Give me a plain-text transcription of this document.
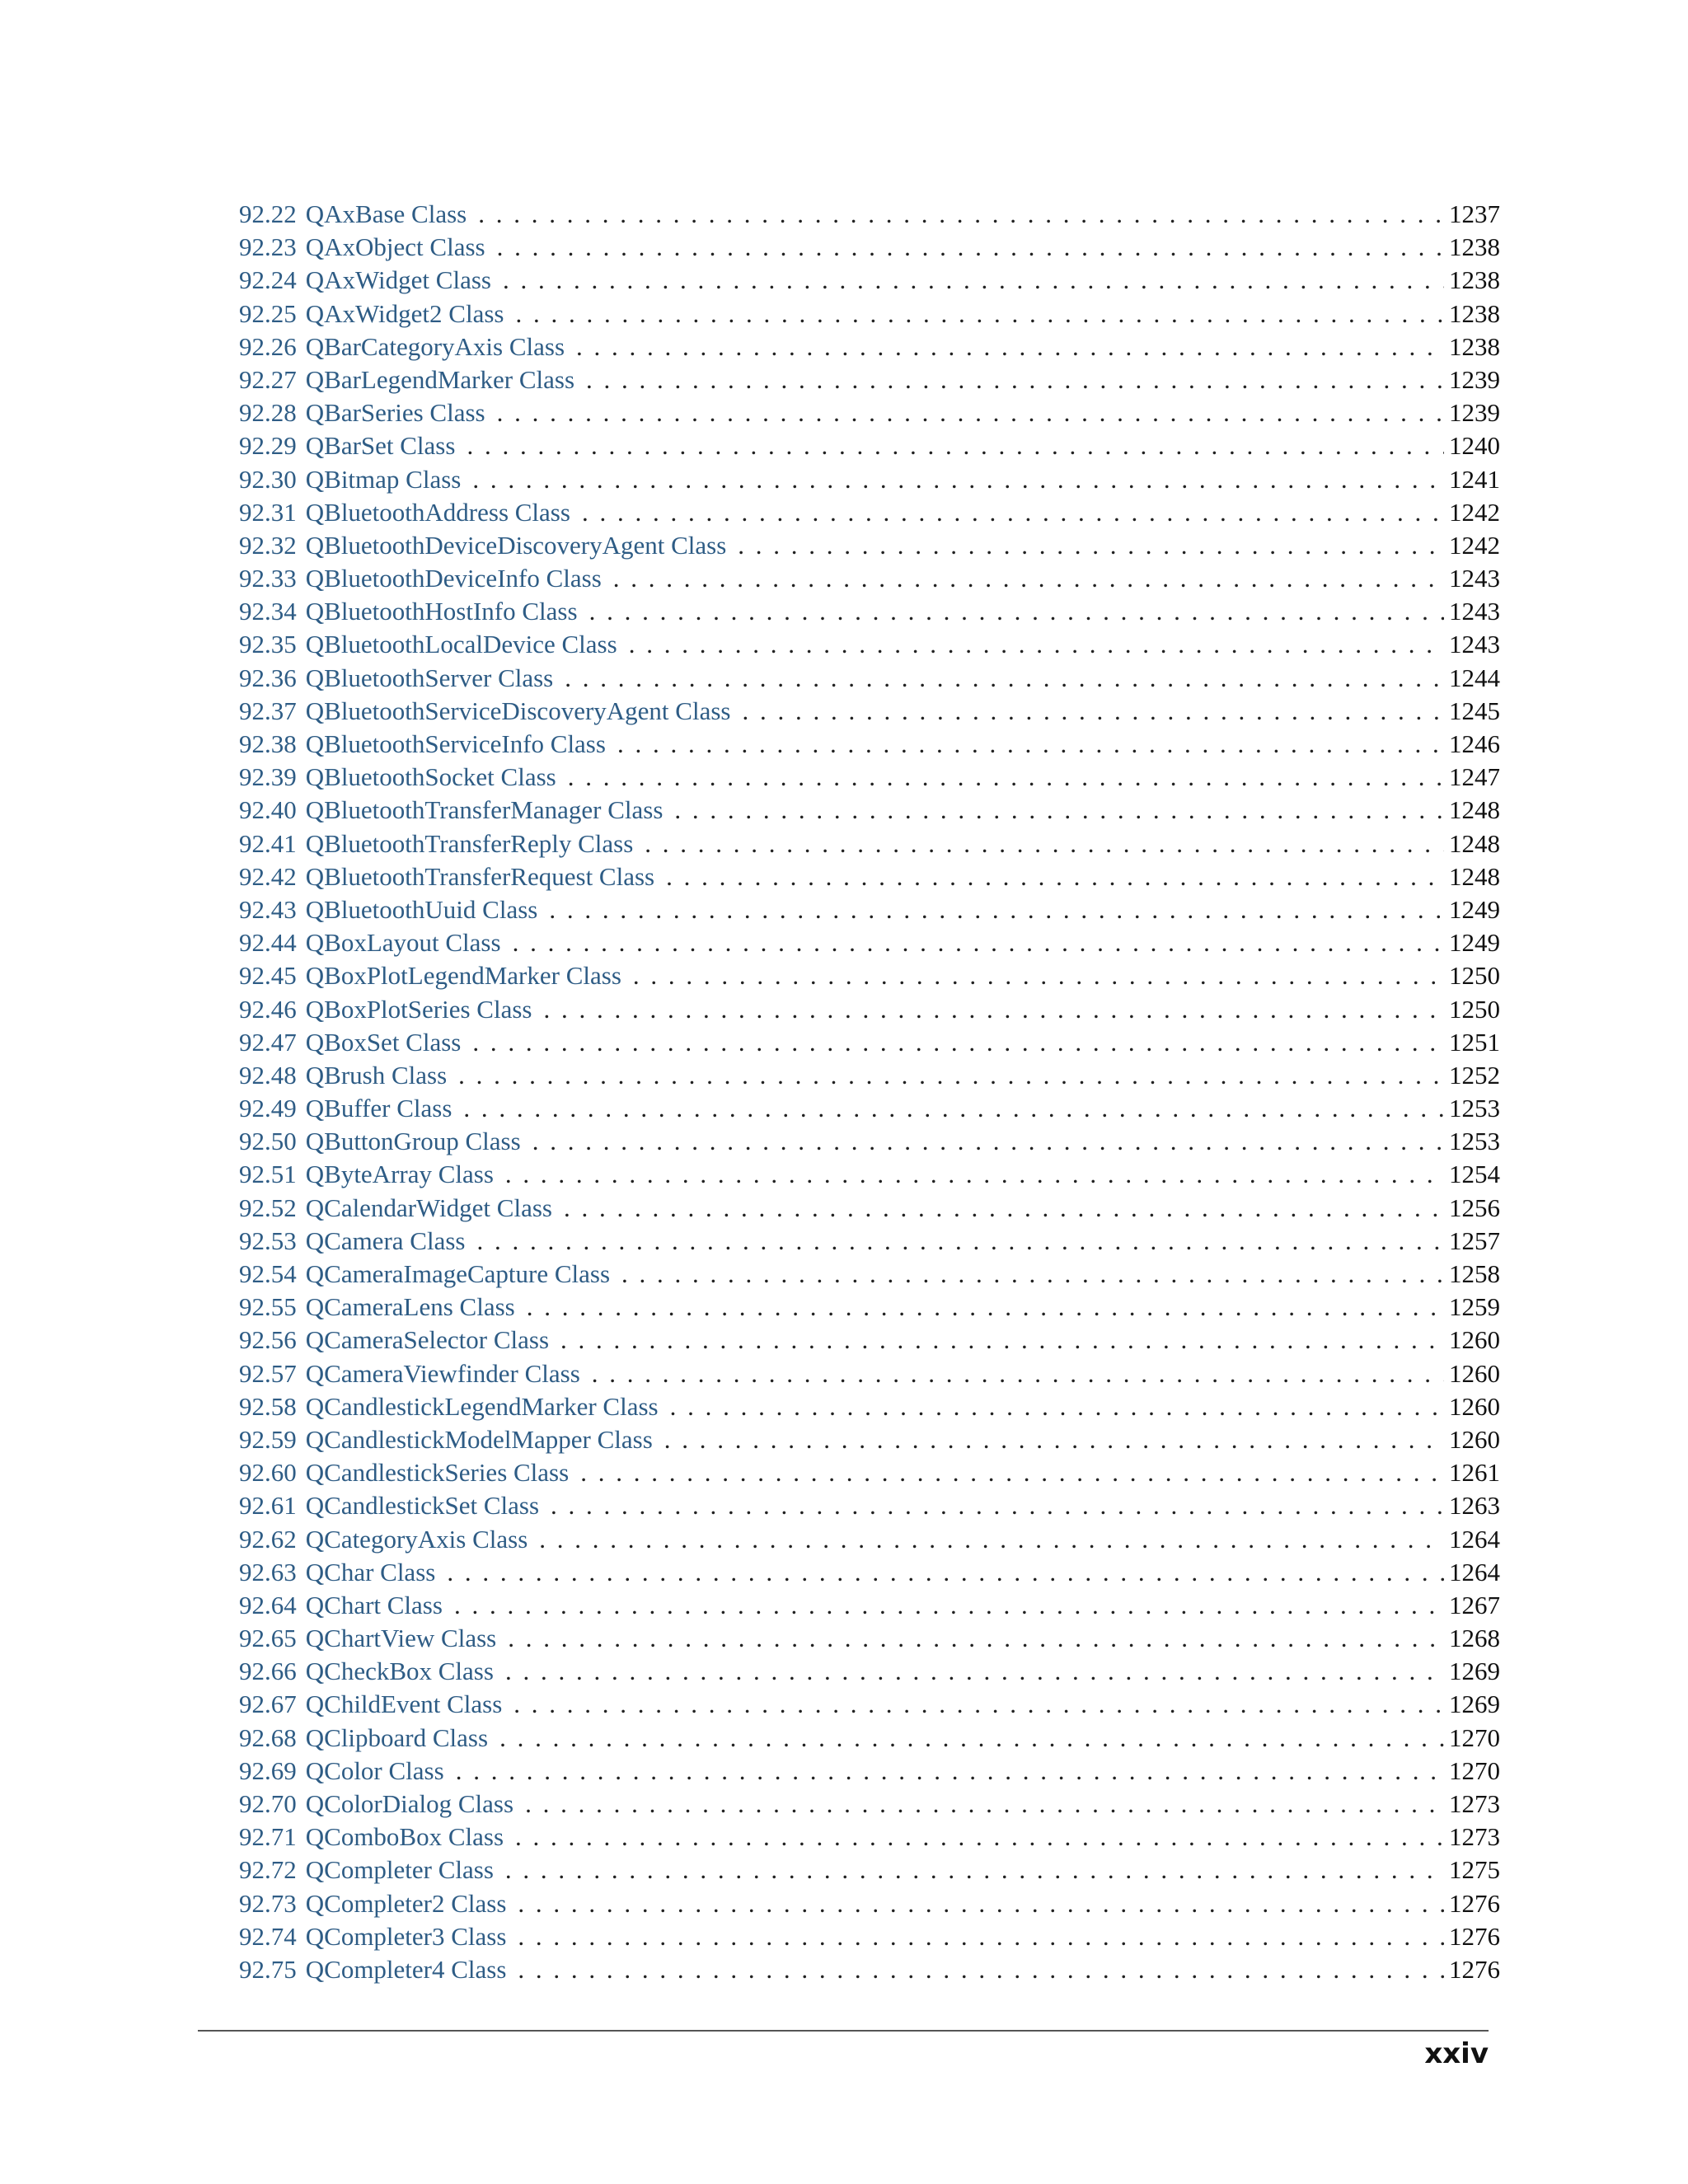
92.22 QAxBase Class . . .	1237
92.23 QAxObject Class . . .	1238
92.24 QAxWidget Class . . .	1238
92.25 QAxWidget2 Class . . .	1238
92.26 QBarCategoryAxis Class . . .	1238
92.27 QBarLegendMarker Class . . .	1239
92.28 QBarSeries Class . . .	1239
92.29 QBarSet Class . . .	1240
92.30 QBitmap Class . . .	1241
92.31 QBluetoothAddress Class . . .	1242
92.32 QBluetoothDeviceDiscoveryAgent Class . . .	1242
92.33 QBluetoothDeviceInfo Class . . .	1243
92.34 QBluetoothHostInfo Class . . .	1243
92.35 QBluetoothLocalDevice Class . . .	1243
92.36 QBluetoothServer Class . . .	1244
92.37 QBluetoothServiceDiscoveryAgent Class . . .	1245
92.38 QBluetoothServiceInfo Class . . .	1246
92.39 QBluetoothSocket Class . . .	1247
92.40 QBluetoothTransferManager Class . . .	1248
92.41 QBluetoothTransferReply Class . . .	1248
92.42 QBluetoothTransferRequest Class . . .	1248
92.43 QBluetoothUuid Class . . .	1249
92.44 QBoxLayout Class . . .	1249
92.45 QBoxPlotLegendMarker Class . . .	1250
92.46 QBoxPlotSeries Class . . .	1250
92.47 QBoxSet Class . . .	1251
92.48 QBrush Class . . .	1252
92.49 QBuffer Class . . .	1253
92.50 QButtonGroup Class . . .	1253
92.51 QByteArray Class . . .	1254
92.52 QCalendarWidget Class . . .	1256
92.53 QCamera Class . . .	1257
92.54 QCameraImageCapture Class . . .	1258
92.55 QCameraLens Class . . .	1259
92.56 QCameraSelector Class . . .	1260
92.57 QCameraViewfinder Class . . .	1260
92.58 QCandlestickLegendMarker Class . . .	1260
92.59 QCandlestickModelMapper Class . . .	1260
92.60 QCandlestickSeries Class . . .	1261
92.61 QCandlestickSet Class . . .	1263
92.62 QCategoryAxis Class . . .	1264
92.63 QChar Class . . .	1264
92.64 QChart Class . . .	1267
92.65 QChartView Class . . .	1268
92.66 QCheckBox Class . . .	1269
92.67 QChildEvent Class . . .	1269
92.68 QClipboard Class . . .	1270
92.69 QColor Class . . .	1270
92.70 QColorDialog Class . . .	1273
92.71 QComboBox Class . . .	1273
92.72 QCompleter Class . . .	1275
92.73 QCompleter2 Class . . .	1276
92.74 QCompleter3 Class . . .	1276
92.75 QCompleter4 Class . . .	1276
xxiv
